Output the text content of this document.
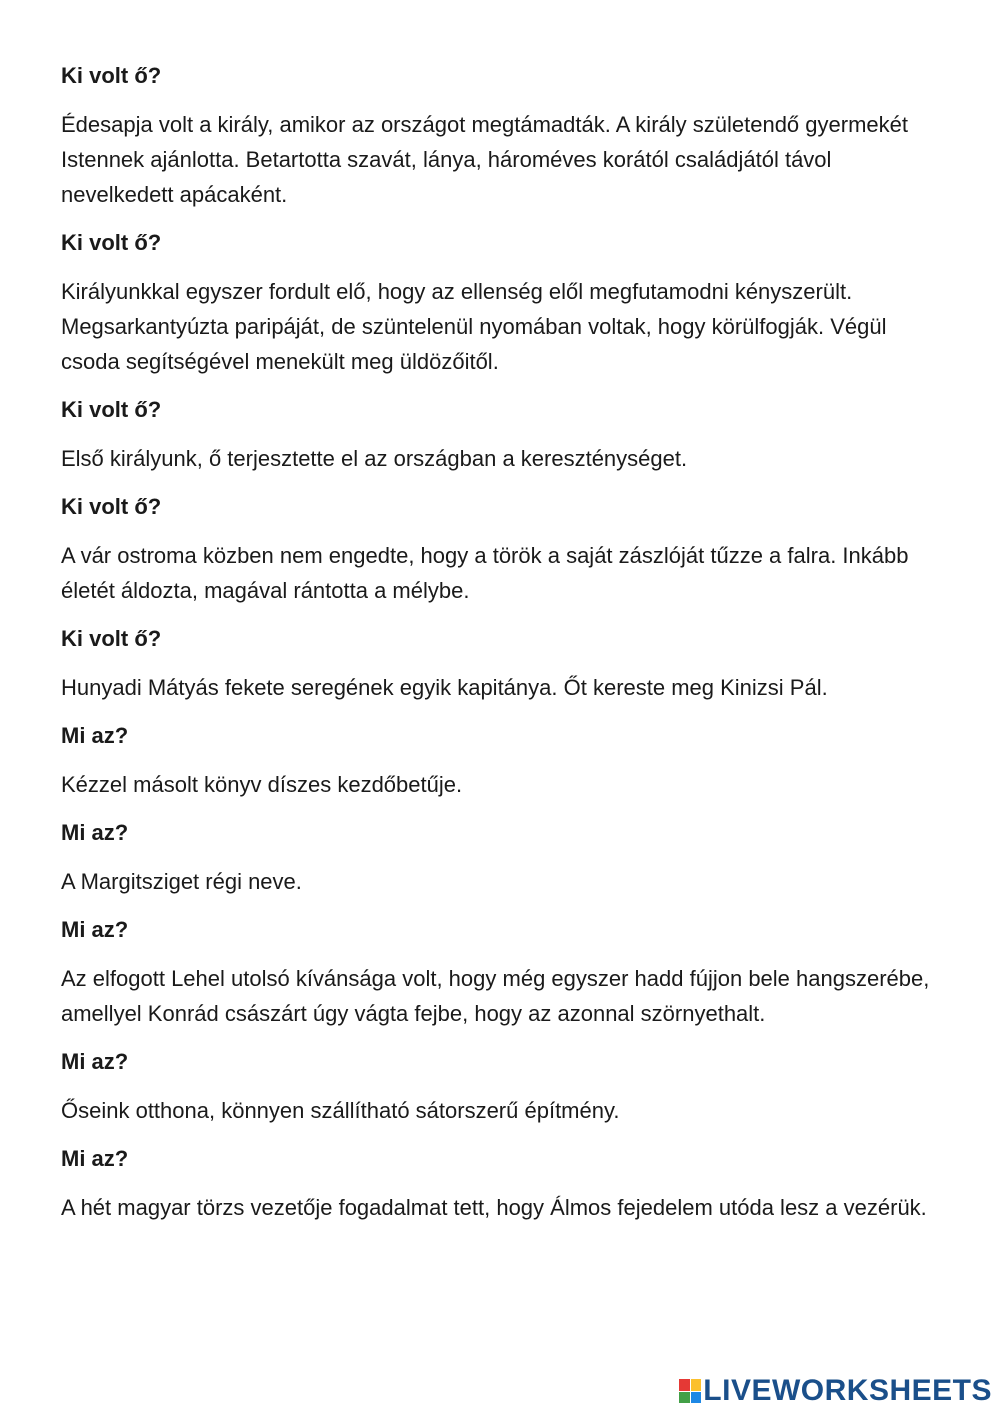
Ki volt ő?

Édesapja volt a király, amikor az országot megtámadták. A király születendő gyermekét Istennek ajánlotta. Betartotta szavát, lánya, hároméves korától családjától távol nevelkedett apácaként.

Ki volt ő?

Királyunkkal egyszer fordult elő, hogy az ellenség elől megfutamodni kényszerült. Megsarkantyúzta paripáját, de szüntelenül nyomában voltak, hogy körülfogják. Végül csoda segítségével menekült meg üldözőitől.

Ki volt ő?

Első királyunk, ő terjesztette el az országban a kereszténységet.

Ki volt ő?

A vár ostroma közben nem engedte, hogy a török a saját zászlóját tűzze a falra. Inkább életét áldozta, magával rántotta a mélybe.

Ki volt ő?

Hunyadi Mátyás fekete seregének egyik kapitánya. Őt kereste meg Kinizsi Pál.

Mi az?

Kézzel másolt könyv díszes kezdőbetűje.

Mi az?

A Margitsziget régi neve.

Mi az?

Az elfogott Lehel utolsó kívánsága volt, hogy még egyszer hadd fújjon bele hangszerébe, amellyel Konrád császárt úgy vágta fejbe, hogy az azonnal szörnyethalt.

Mi az?

Őseink otthona, könnyen szállítható sátorszerű építmény.

Mi az?

A hét magyar törzs vezetője fogadalmat tett, hogy Álmos fejedelem utóda lesz a vezérük.

LIVEWORKSHEETS
